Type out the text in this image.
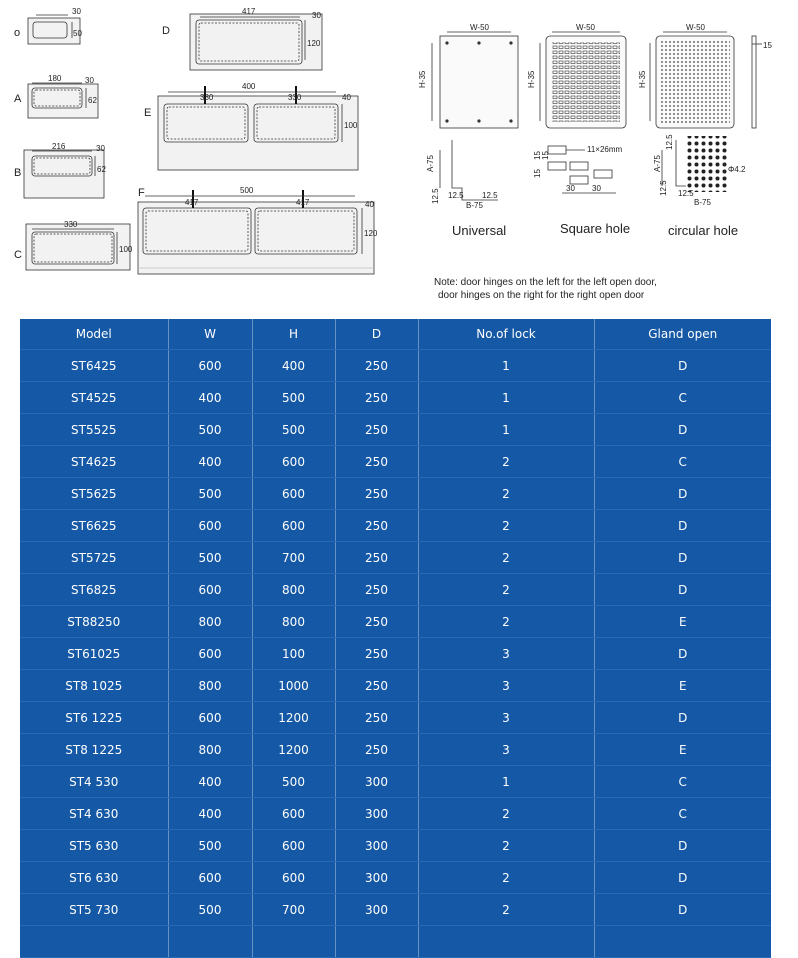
o
30
50
A
180	30
62
B
216	30
62
C
330
100
D
417	30
120
E
400
330	330	40
100
F	500
417	417	40
120
W-50
H-35
A-75
12.5 12.5
12.5
B-75
Universal
W-50
H-35
11×26mm
15 15
15
30 30
Square hole
W-50
H-35
A-75
12.5
Φ4.2
12.5 12.5
B-75
circular hole
15
Note: door hinges on the left for the left open door,
door hinges on the right for the right open door
Model	W	H	D	No.of lock	Gland open
ST6425	600	400	250	1	D
ST4525	400	500	250	1	C
ST5525	500	500	250	1	D
ST4625	400	600	250	2	C
ST5625	500	600	250	2	D
ST6625	600	600	250	2	D
ST5725	500	700	250	2	D
ST6825	600	800	250	2	D
ST88250	800	800	250	2	E
ST61025	600	100	250	3	D
ST8 1025	800	1000	250	3	E
ST6 1225	600	1200	250	3	D
ST8 1225	800	1200	250	3	E
ST4 530	400	500	300	1	C
ST4 630	400	600	300	2	C
ST5 630	500	600	300	2	D
ST6 630	600	600	300	2	D
ST5 730	500	700	300	2	D
